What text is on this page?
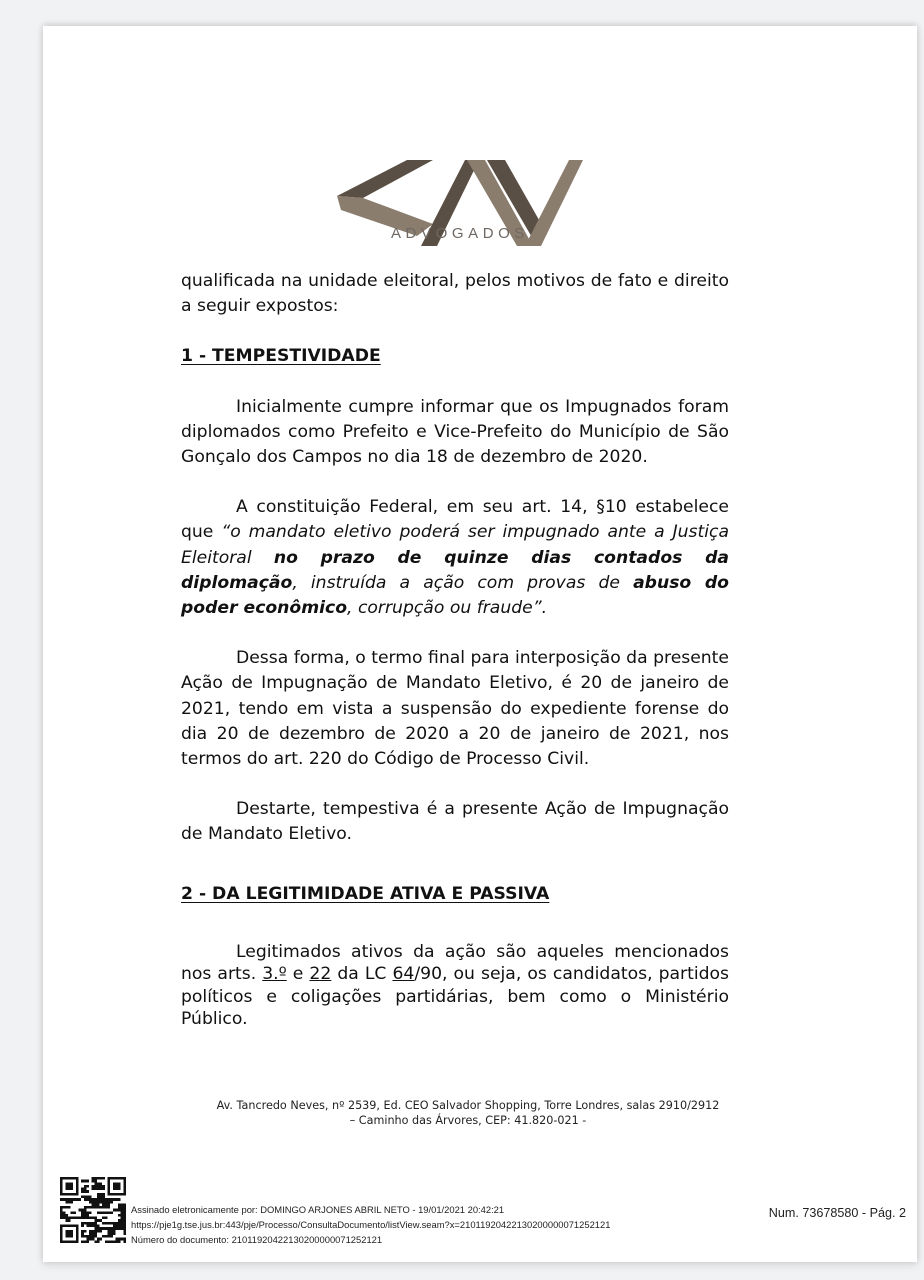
ADVOGADOS

qualificada na unidade eleitoral, pelos motivos de fato e direito a seguir expostos:

1 - TEMPESTIVIDADE

Inicialmente cumpre informar que os Impugnados foram diplomados como Prefeito e Vice-Prefeito do Município de São Gonçalo dos Campos no dia 18 de dezembro de 2020.

A constituição Federal, em seu art. 14, §10 estabelece que “o mandato eletivo poderá ser impugnado ante a Justiça Eleitoral no prazo de quinze dias contados da diplomação, instruída a ação com provas de abuso do poder econômico, corrupção ou fraude”.

Dessa forma, o termo final para interposição da presente Ação de Impugnação de Mandato Eletivo, é 20 de janeiro de 2021, tendo em vista a suspensão do expediente forense do dia 20 de dezembro de 2020 a 20 de janeiro de 2021, nos termos do art. 220 do Código de Processo Civil.

Destarte, tempestiva é a presente Ação de Impugnação de Mandato Eletivo.

2 - DA LEGITIMIDADE ATIVA E PASSIVA

Legitimados ativos da ação são aqueles mencionados nos arts. 3.º e 22 da LC 64/90, ou seja, os candidatos, partidos políticos e coligações partidárias, bem como o Ministério Público.

Av. Tancredo Neves, nº 2539, Ed. CEO Salvador Shopping, Torre Londres, salas 2910/2912
– Caminho das Árvores, CEP: 41.820-021 -
Assinado eletronicamente por: DOMINGO ARJONES ABRIL NETO - 19/01/2021 20:42:21
https://pje1g.tse.jus.br:443/pje/Processo/ConsultaDocumento/listView.seam?x=21011920422130200000071252121
Número do documento: 21011920422130200000071252121
Num. 73678580 - Pág. 2
